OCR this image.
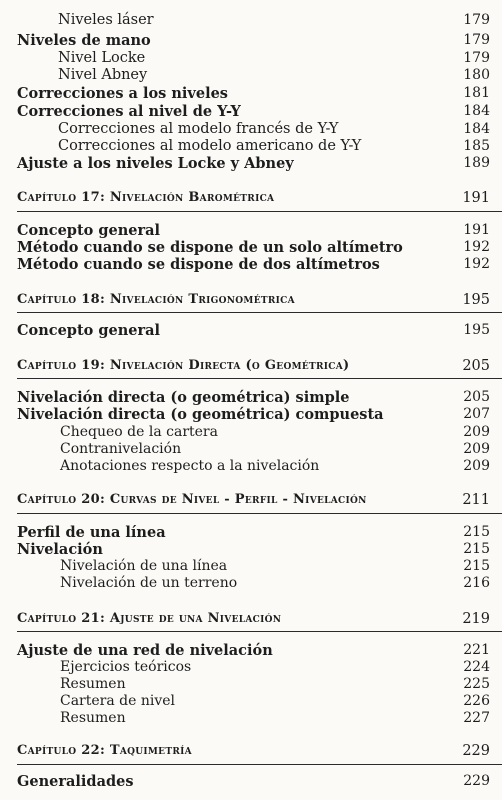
Niveles láser	179
Niveles de mano	179
Nivel Locke	179
Nivel Abney	180
Correcciones a los niveles	181
Correcciones al nivel de Y-Y	184
Correcciones al modelo francés de Y-Y	184
Correcciones al modelo americano de Y-Y	185
Ajuste a los niveles Locke y Abney	189
Capítulo 17: Nivelación Barométrica	191
Concepto general	191
Método cuando se dispone de un solo altímetro	192
Método cuando se dispone de dos altímetros	192
Capítulo 18: Nivelación Trigonométrica	195
Concepto general	195
Capítulo 19: Nivelación Directa (o Geométrica)	205
Nivelación directa (o geométrica) simple	205
Nivelación directa (o geométrica) compuesta	207
Chequeo de la cartera	209
Contranivelación	209
Anotaciones respecto a la nivelación	209
Capítulo 20: Curvas de Nivel - Perfil - Nivelación	211
Perfil de una línea	215
Nivelación	215
Nivelación de una línea	215
Nivelación de un terreno	216
Capítulo 21: Ajuste de una Nivelación	219
Ajuste de una red de nivelación	221
Ejercicios teóricos	224
Resumen	225
Cartera de nivel	226
Resumen	227
Capítulo 22: Taquimetría	229
Generalidades	229
